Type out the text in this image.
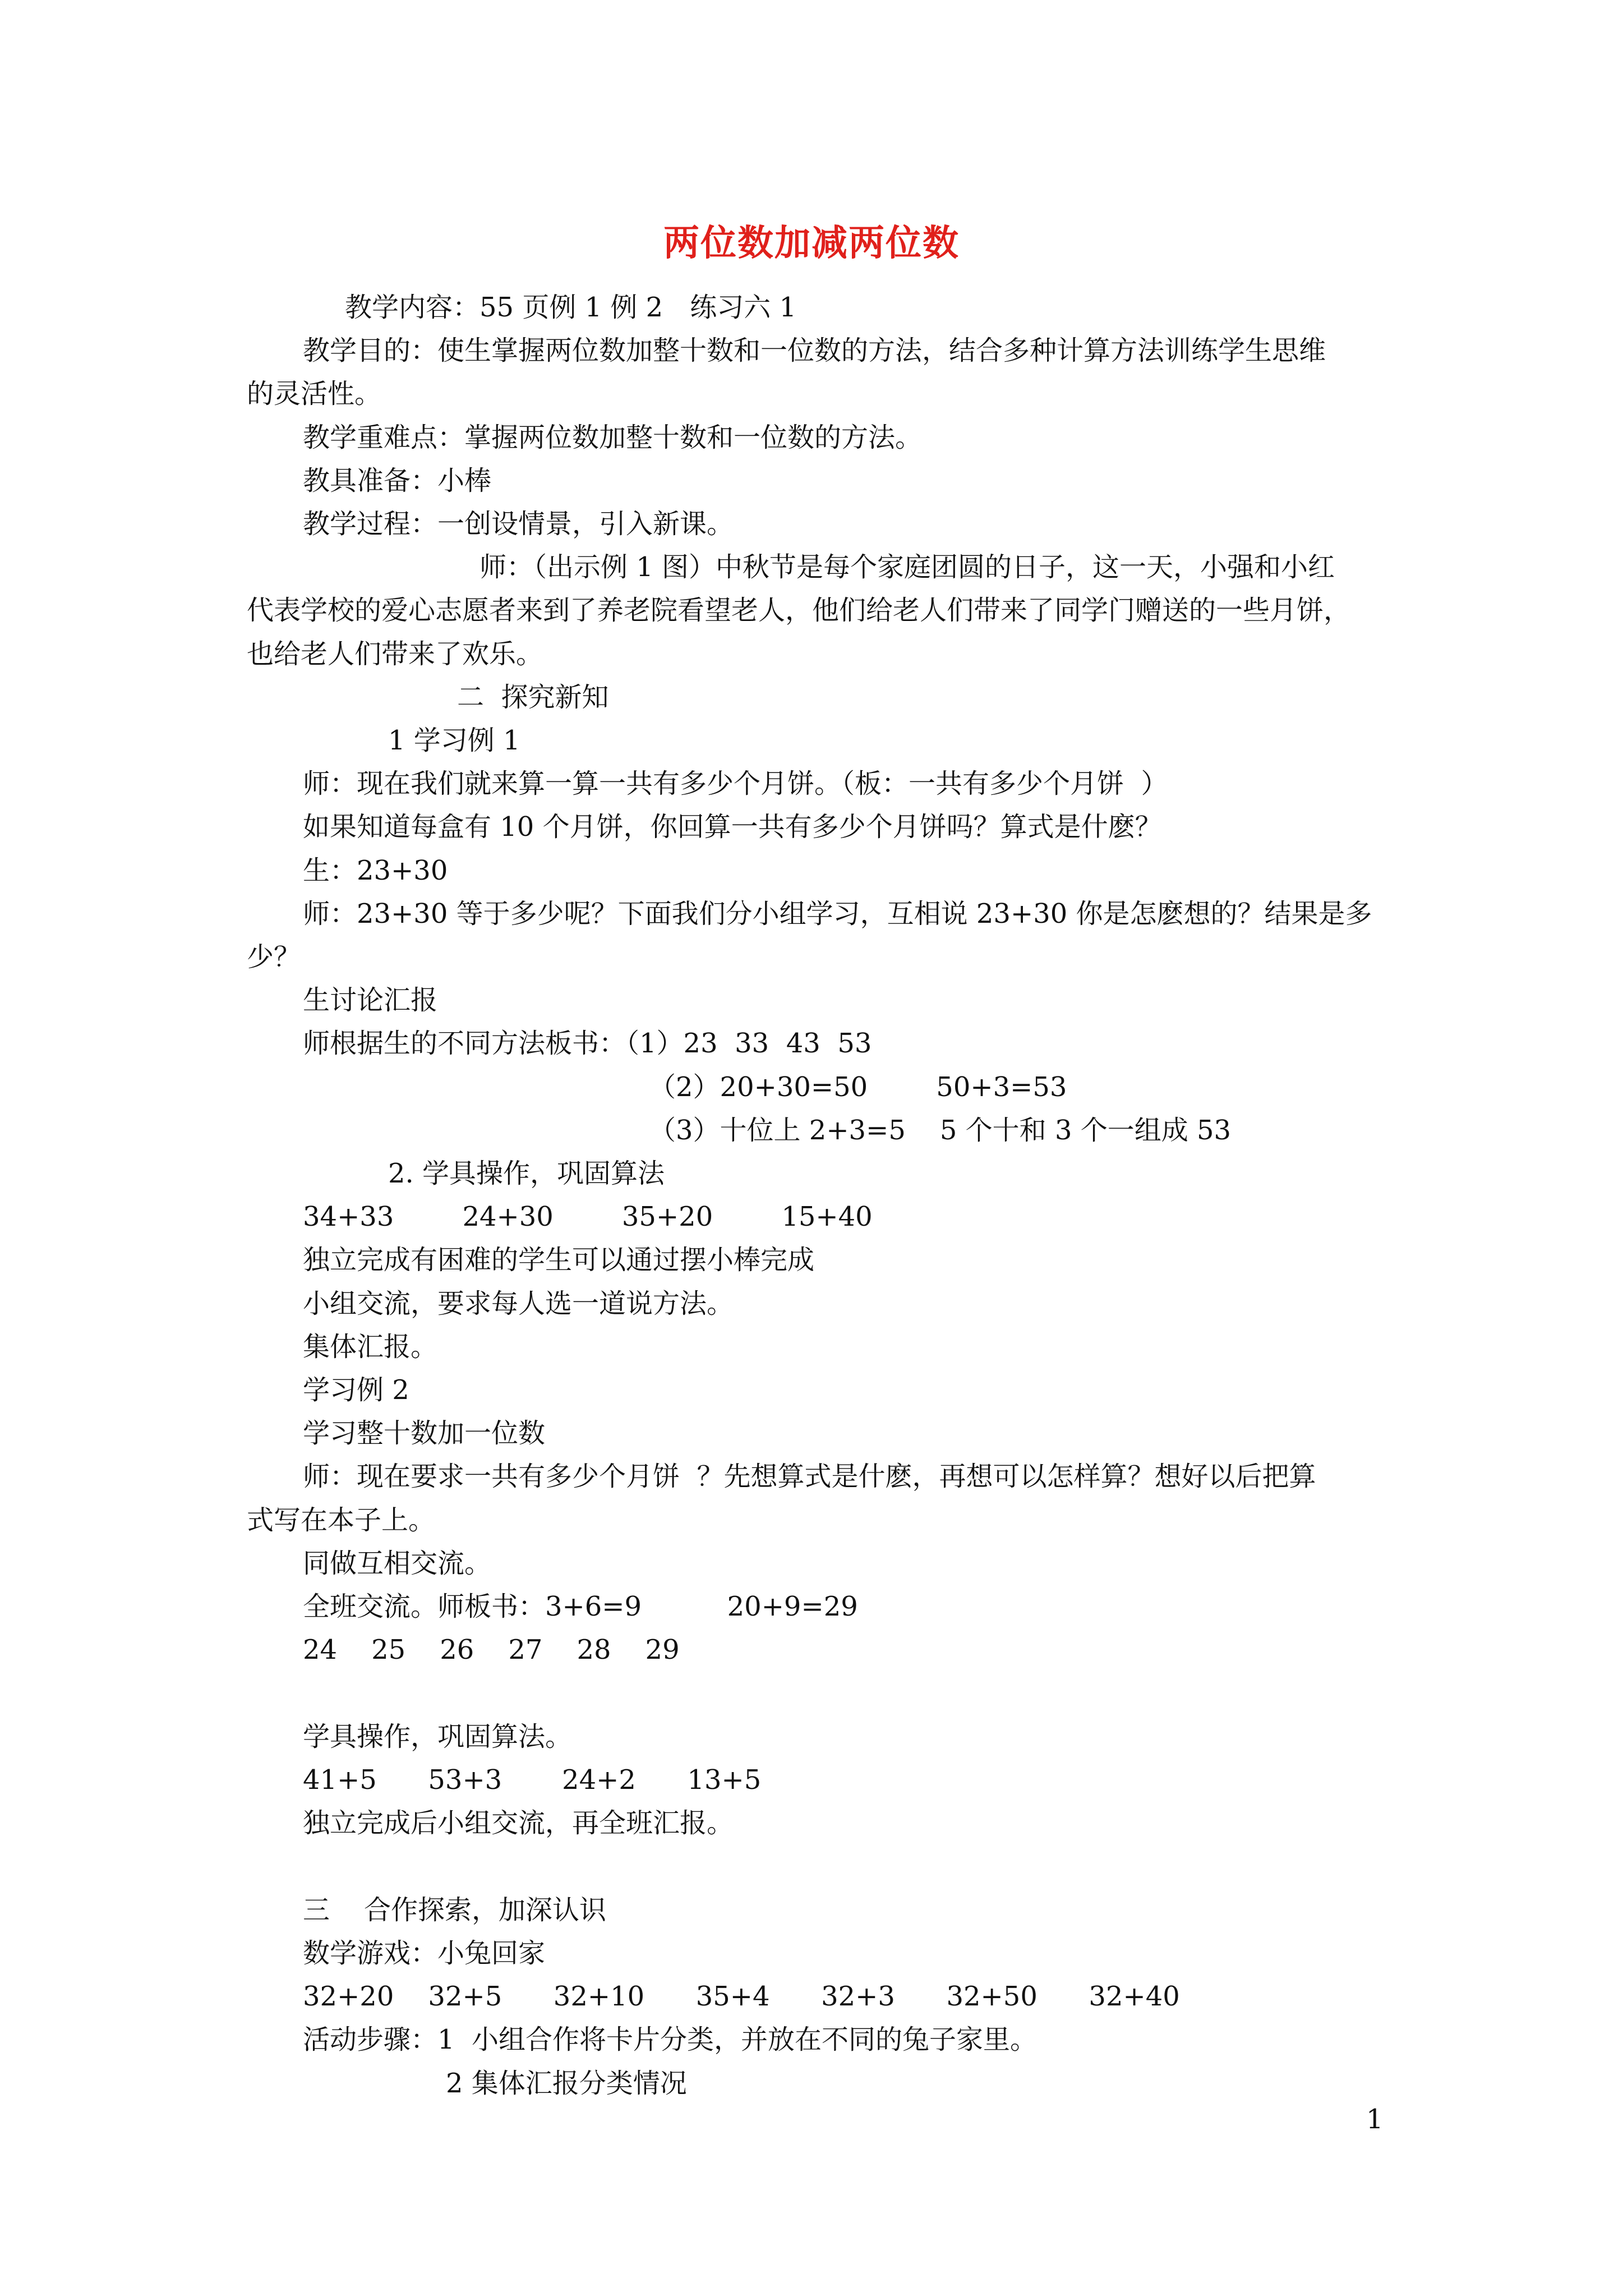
两位数加减两位数
教学内容：55 页例 1 例 2　练习六 1
教学目的：使生掌握两位数加整十数和一位数的方法，结合多种计算方法训练学生思维
的灵活性。
教学重难点：掌握两位数加整十数和一位数的方法。
教具准备：小棒
教学过程：一创设情景，引入新课。
师：（出示例 1 图）中秋节是每个家庭团圆的日子，这一天，小强和小红
代表学校的爱心志愿者来到了养老院看望老人，他们给老人们带来了同学门赠送的一些月饼，
也给老人们带来了欢乐。
二  探究新知
1 学习例 1
师：现在我们就来算一算一共有多少个月饼。（板：一共有多少个月饼  ）
如果知道每盒有 10 个月饼，你回算一共有多少个月饼吗？算式是什麽？
生：23+30
师：23+30 等于多少呢？下面我们分小组学习，互相说 23+30 你是怎麽想的？结果是多
少？
生讨论汇报
师根据生的不同方法板书：（1）23  33  43  53
（2）20+30=50        50+3=53
（3）十位上 2+3=5    5 个十和 3 个一组成 53
2. 学具操作，巩固算法
34+33        24+30        35+20        15+40
独立完成有困难的学生可以通过摆小棒完成
小组交流，要求每人选一道说方法。
集体汇报。
学习例 2
学习整十数加一位数
师：现在要求一共有多少个月饼  ？先想算式是什麽，再想可以怎样算？想好以后把算
式写在本子上。
同做互相交流。
全班交流。师板书：3+6=9          20+9=29
24    25    26    27    28    29
学具操作，巩固算法。
41+5      53+3       24+2      13+5
独立完成后小组交流，再全班汇报。
三    合作探索，加深认识
数学游戏：小兔回家
32+20    32+5      32+10      35+4      32+3      32+50      32+40
活动步骤：1  小组合作将卡片分类，并放在不同的兔子家里。
2 集体汇报分类情况
1
